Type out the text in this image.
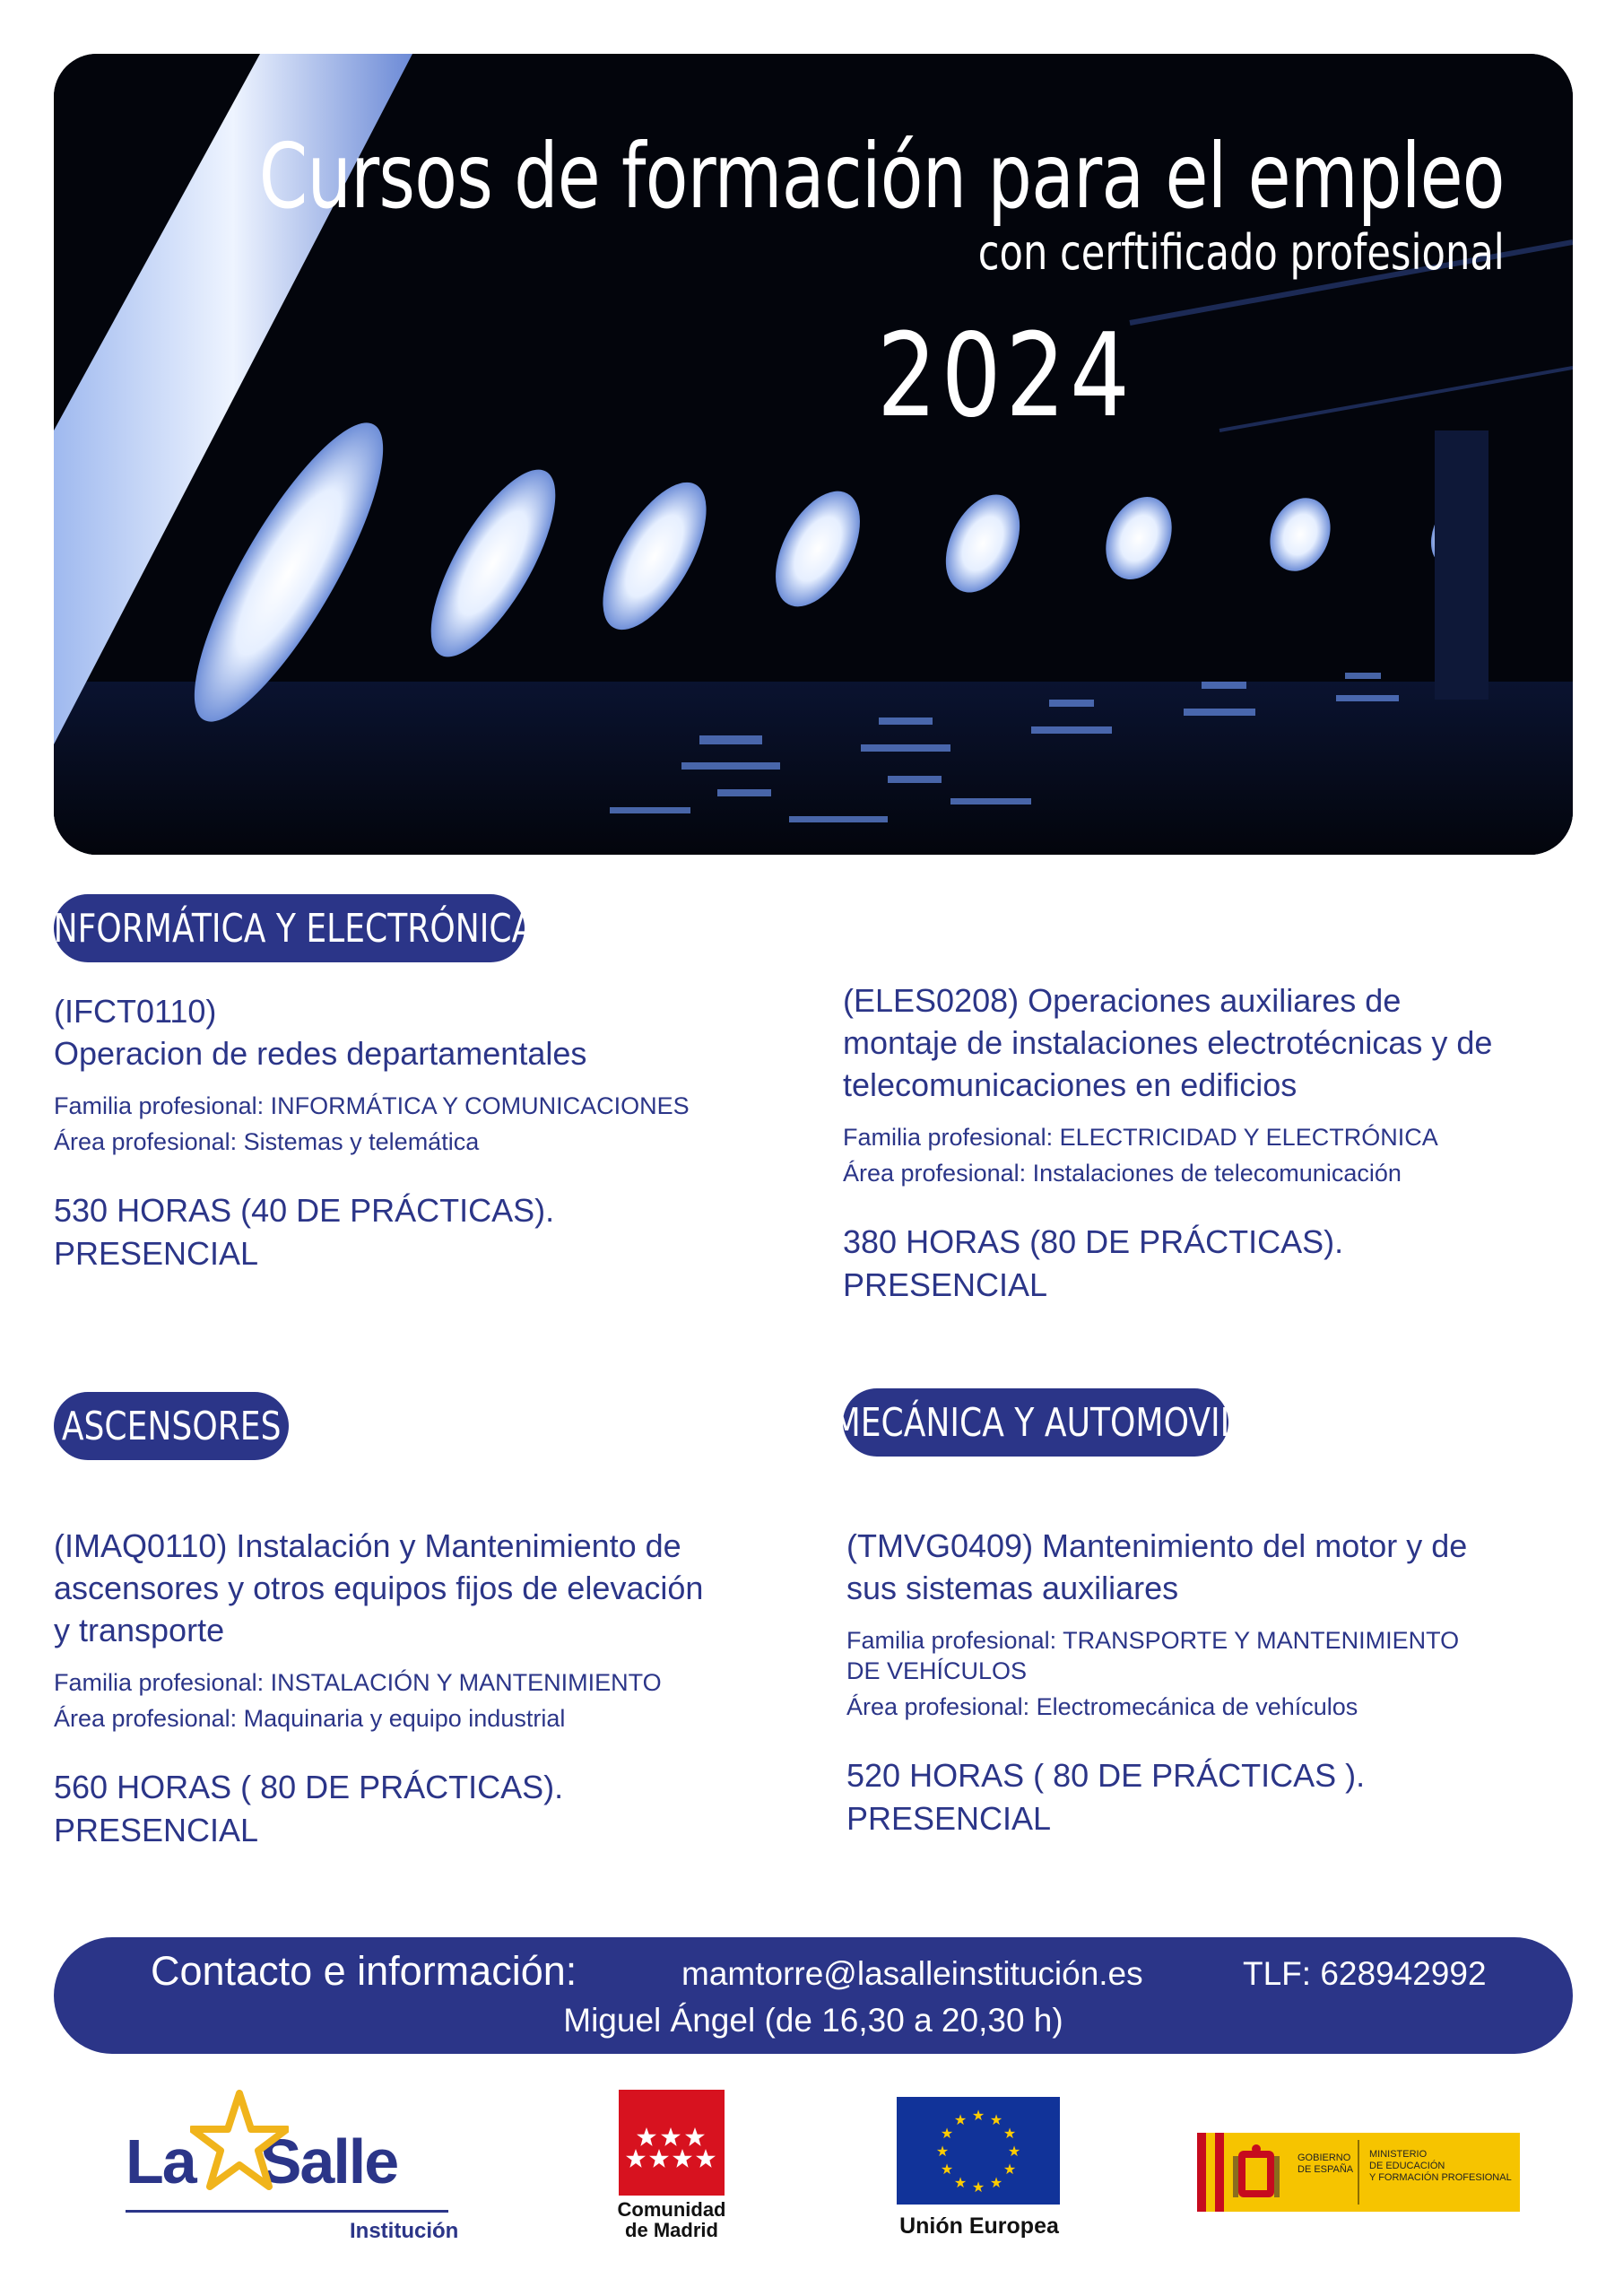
Cursos de formación para el empleo
con cerftificado profesional
2024
INFORMÁTICA Y ELECTRÓNICA
ASCENSORES	MECÁNICA Y AUTOMOVIL
(IFCT0110)
Operacion de redes departamentales
Familia profesional: INFORMÁTICA Y COMUNICACIONES
Área profesional: Sistemas y telemática
530 HORAS (40 DE PRÁCTICAS).
PRESENCIAL
(ELES0208) Operaciones auxiliares de
montaje de instalaciones electrotécnicas y de
telecomunicaciones en edificios
Familia profesional: ELECTRICIDAD Y ELECTRÓNICA
Área profesional: Instalaciones de telecomunicación
380 HORAS (80 DE PRÁCTICAS).
PRESENCIAL
(IMAQ0110) Instalación y Mantenimiento de
ascensores y otros equipos fijos de elevación
y transporte
Familia profesional: INSTALACIÓN Y MANTENIMIENTO
Área profesional: Maquinaria y equipo industrial
560 HORAS ( 80 DE PRÁCTICAS).
PRESENCIAL
(TMVG0409) Mantenimiento del motor y de
sus sistemas auxiliares
Familia profesional: TRANSPORTE Y MANTENIMIENTO
DE VEHÍCULOS
Área profesional: Electromecánica de vehículos
520 HORAS ( 80 DE PRÁCTICAS ).
PRESENCIAL
Contacto e información:	mamtorre@lasalleinstitución.es	TLF: 628942992
Miguel Ángel (de 16,30 a 20,30 h)
La Salle
Institución
Comunidad
de Madrid
★ ★
★
★
★
★
★
★
★
★
★
★
Unión Europea
GOBIERNO
DE ESPAÑA
MINISTERIO
DE EDUCACIÓN
Y FORMACIÓN PROFESIONAL
